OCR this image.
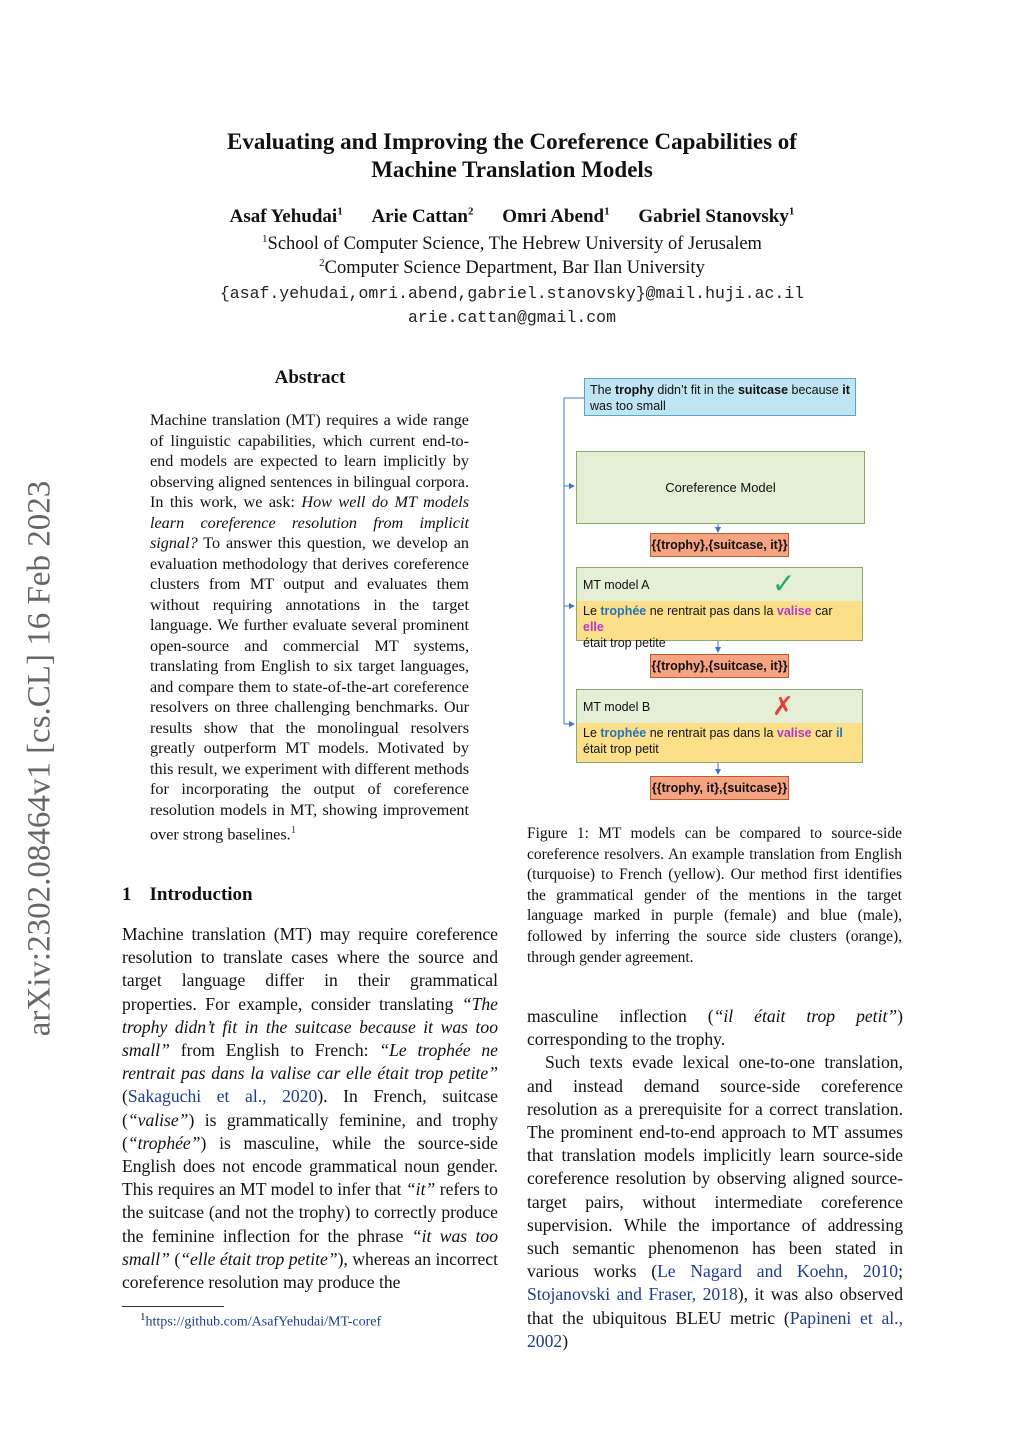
Evaluating and Improving the Coreference Capabilities of
Machine Translation Models
Asaf Yehudai$^1$ Arie Cattan$^2$ Omri Abend$^1$ Gabriel Stanovsky$^1$
$^1$School of Computer Science, The Hebrew University of Jerusalem
$^2$Computer Science Department, Bar Ilan University
{asaf.yehudai,omri.abend,gabriel.stanovsky}@mail.huji.ac.il
arie.cattan@gmail.com
arXiv:2302.08464v1 [cs.CL] 16 Feb 2023
Abstract
Machine translation (MT) requires a wide range of linguistic capabilities, which current end-to-end models are expected to learn implicitly by observing aligned sentences in bilingual corpora. In this work, we ask: How well do MT models learn coreference resolution from implicit signal? To answer this question, we develop an evaluation methodology that derives coreference clusters from MT output and evaluates them without requiring annotations in the target language. We further evaluate several prominent open-source and commercial MT systems, translating from English to six target languages, and compare them to state-of-the-art coreference resolvers on three challenging benchmarks. Our results show that the monolingual resolvers greatly outperform MT models. Motivated by this result, we experiment with different methods for incorporating the output of coreference resolution models in MT, showing improvement over strong baselines.$^1$
1 Introduction
Machine translation (MT) may require coreference resolution to translate cases where the source and target language differ in their grammatical properties. For example, consider translating “The trophy didn’t fit in the suitcase because it was too small” from English to French: “Le trophée ne rentrait pas dans la valise car elle était trop petite” (Sakaguchi et al., 2020). In French, suitcase (“valise”) is grammatically feminine, and trophy (“trophée”) is masculine, while the source-side English does not encode grammatical noun gender. This requires an MT model to infer that “it” refers to the suitcase (and not the trophy) to correctly produce the feminine inflection for the phrase “it was too small” (“elle était trop petite”), whereas an incorrect coreference resolution may produce the
$^1$https://github.com/AsafYehudai/MT-coref
The trophy didn’t fit in the suitcase because it was too small
Coreference Model
{{trophy},{suitcase, it}}
MT model A
Le trophée ne rentrait pas dans la valise car elle
était trop petite
✓
{{trophy},{suitcase, it}}
MT model B
Le trophée ne rentrait pas dans la valise car il
était trop petit
✗
{{trophy, it},{suitcase}}
Figure 1: MT models can be compared to source-side coreference resolvers. An example translation from English (turquoise) to French (yellow). Our method first identifies the grammatical gender of the mentions in the target language marked in purple (female) and blue (male), followed by inferring the source side clusters (orange), through gender agreement.
masculine inflection (“il était trop petit”) corresponding to the trophy.
Such texts evade lexical one-to-one translation, and instead demand source-side coreference resolution as a prerequisite for a correct translation. The prominent end-to-end approach to MT assumes that translation models implicitly learn source-side coreference resolution by observing aligned source-target pairs, without intermediate coreference supervision. While the importance of addressing such semantic phenomenon has been stated in various works (Le Nagard and Koehn, 2010; Stojanovski and Fraser, 2018), it was also observed that the ubiquitous BLEU metric (Papineni et al., 2002)
